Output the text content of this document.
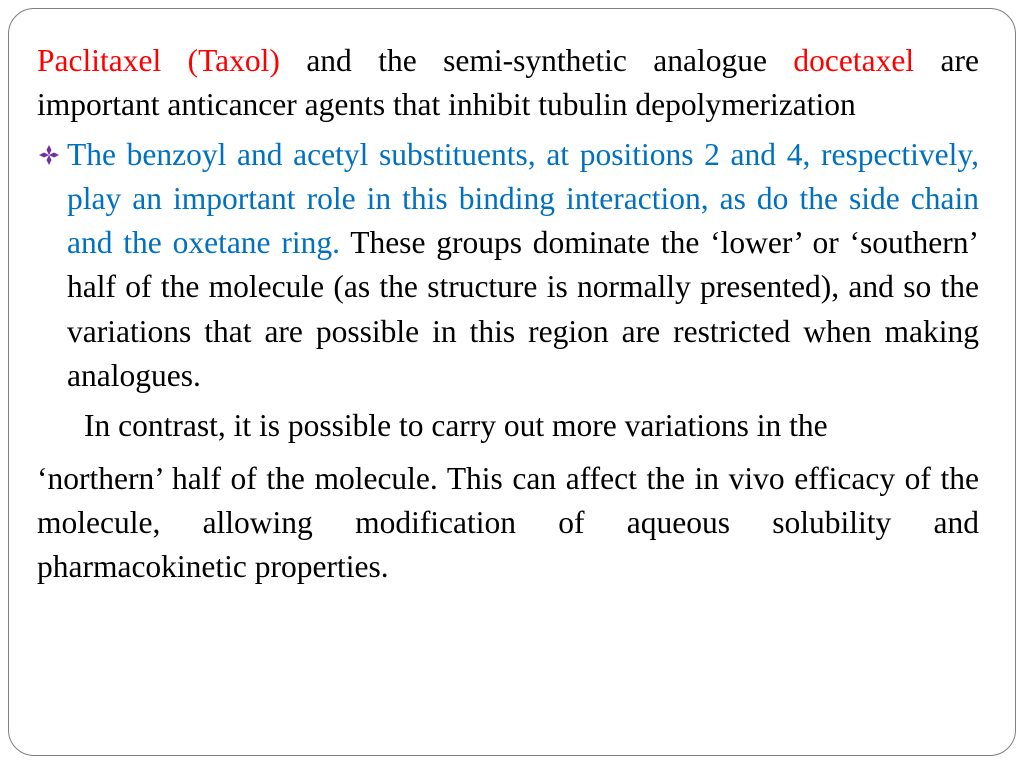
Paclitaxel (Taxol) and the semi-synthetic analogue docetaxel are important anticancer agents that inhibit tubulin depolymerization

The benzoyl and acetyl substituents, at positions 2 and 4, respectively, play an important role in this binding interaction, as do the side chain and the oxetane ring. These groups dominate the ‘lower’ or ‘southern’ half of the molecule (as the structure is normally presented), and so the variations that are possible in this region are restricted when making analogues.
In contrast, it is possible to carry out more variations in the
‘northern’ half of the molecule. This can affect the in vivo efficacy of the molecule, allowing modification of aqueous solubility and pharmacokinetic properties.
